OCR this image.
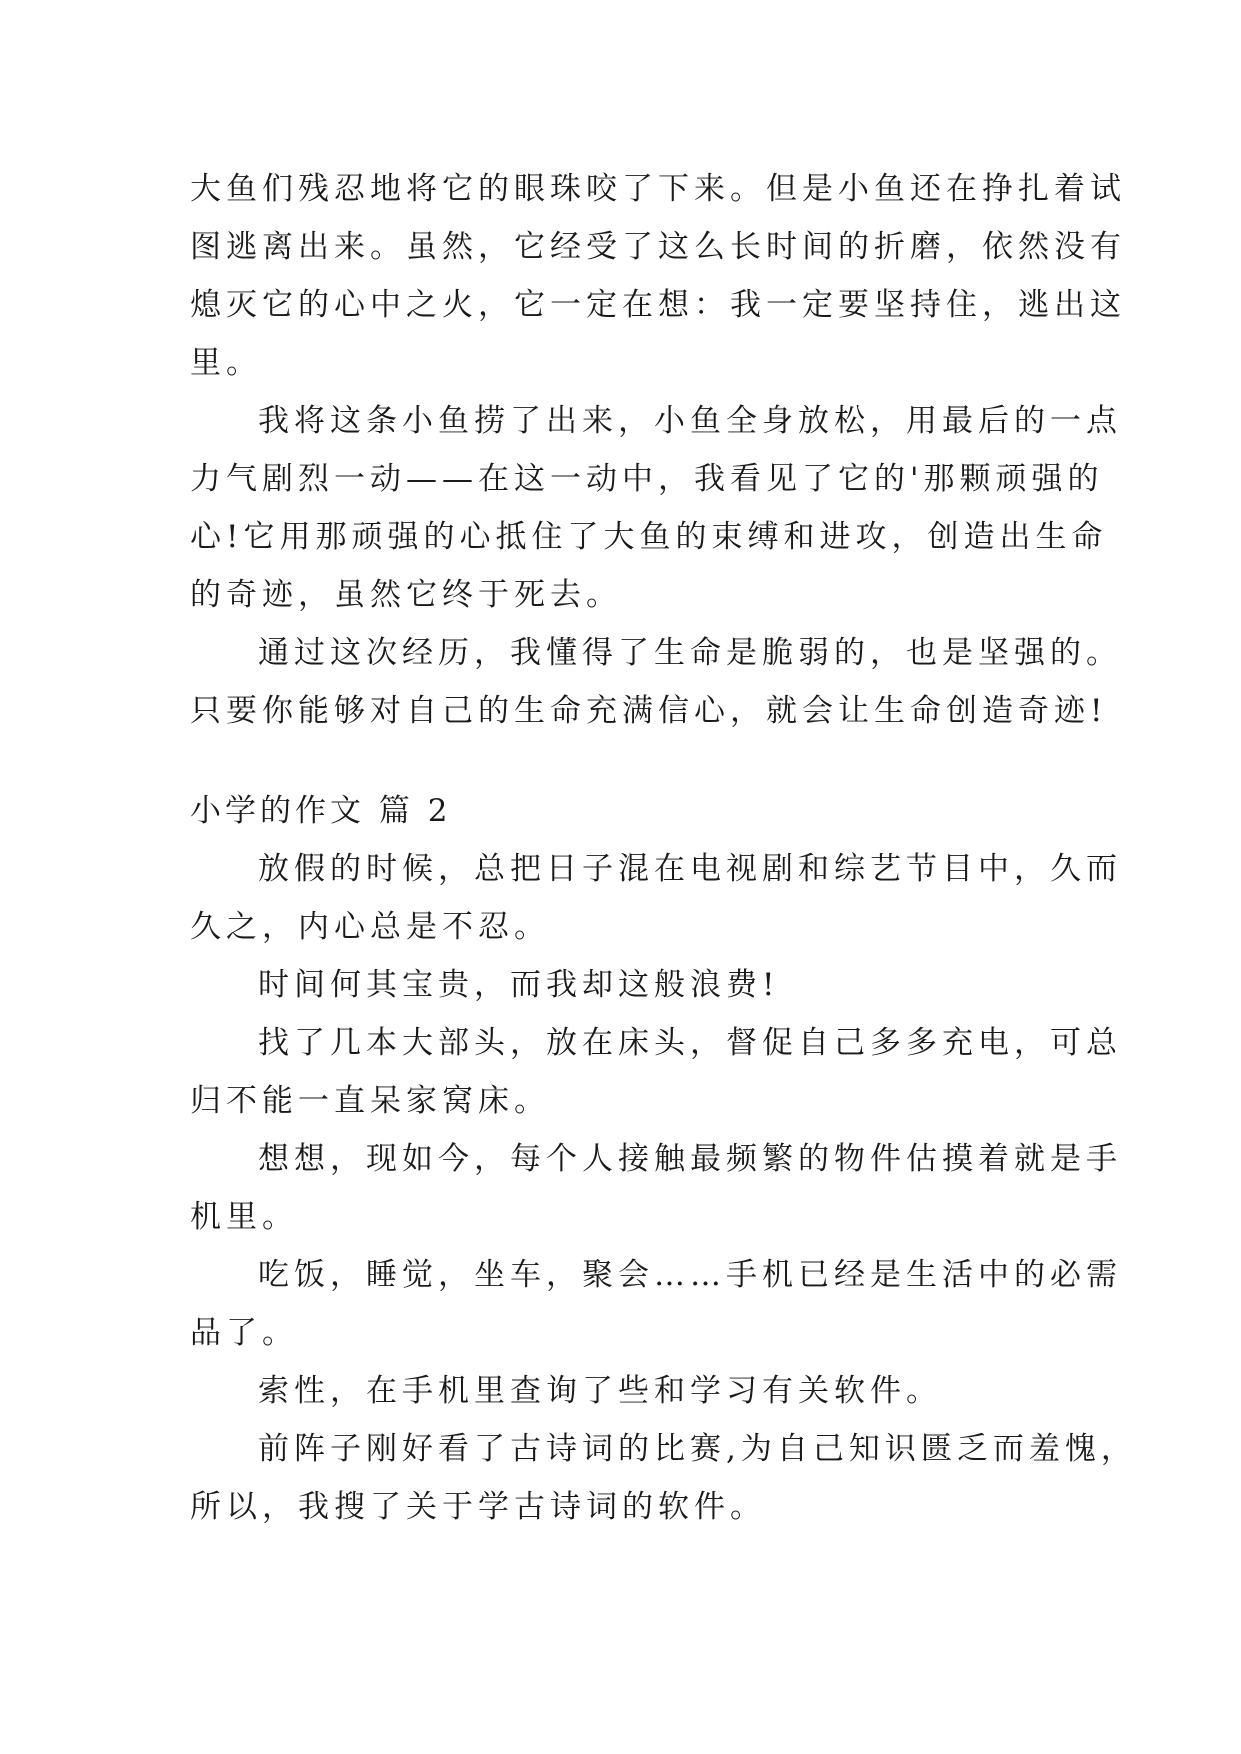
大鱼们残忍地将它的眼珠咬了下来。但是小鱼还在挣扎着试
图逃离出来。虽然，它经受了这么长时间的折磨，依然没有
熄灭它的心中之火，它一定在想：我一定要坚持住，逃出这
里。
我将这条小鱼捞了出来，小鱼全身放松，用最后的一点
力气剧烈一动——在这一动中，我看见了它的'那颗顽强的
心!它用那顽强的心抵住了大鱼的束缚和进攻，创造出生命
的奇迹，虽然它终于死去。
通过这次经历，我懂得了生命是脆弱的，也是坚强的。
只要你能够对自己的生命充满信心，就会让生命创造奇迹!
小学的作文 篇 2
放假的时候，总把日子混在电视剧和综艺节目中，久而
久之，内心总是不忍。
时间何其宝贵，而我却这般浪费!
找了几本大部头，放在床头，督促自己多多充电，可总
归不能一直呆家窝床。
想想，现如今，每个人接触最频繁的物件估摸着就是手
机里。
吃饭，睡觉，坐车，聚会……手机已经是生活中的必需
品了。
索性，在手机里查询了些和学习有关软件。
前阵子刚好看了古诗词的比赛,为自己知识匮乏而羞愧，
所以，我搜了关于学古诗词的软件。
